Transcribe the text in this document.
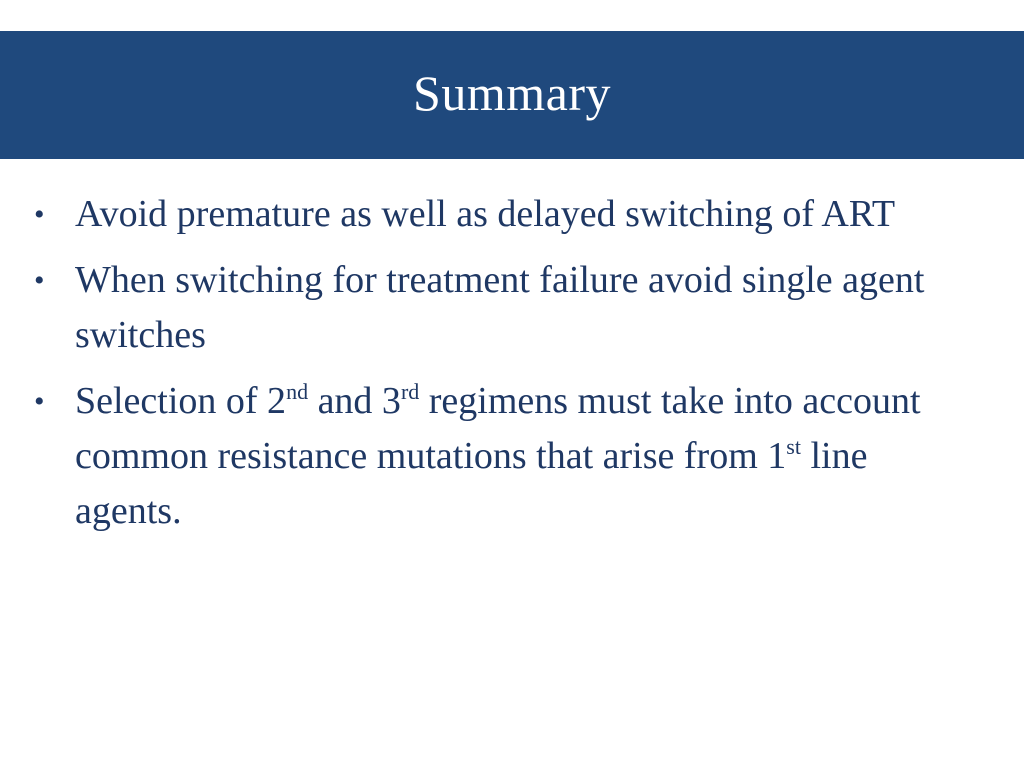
Summary
• Avoid premature as well as delayed switching of ART
• When switching for treatment failure avoid single agent switches
• Selection of 2nd and 3rd regimens must take into account common resistance mutations that arise from 1st line agents.
